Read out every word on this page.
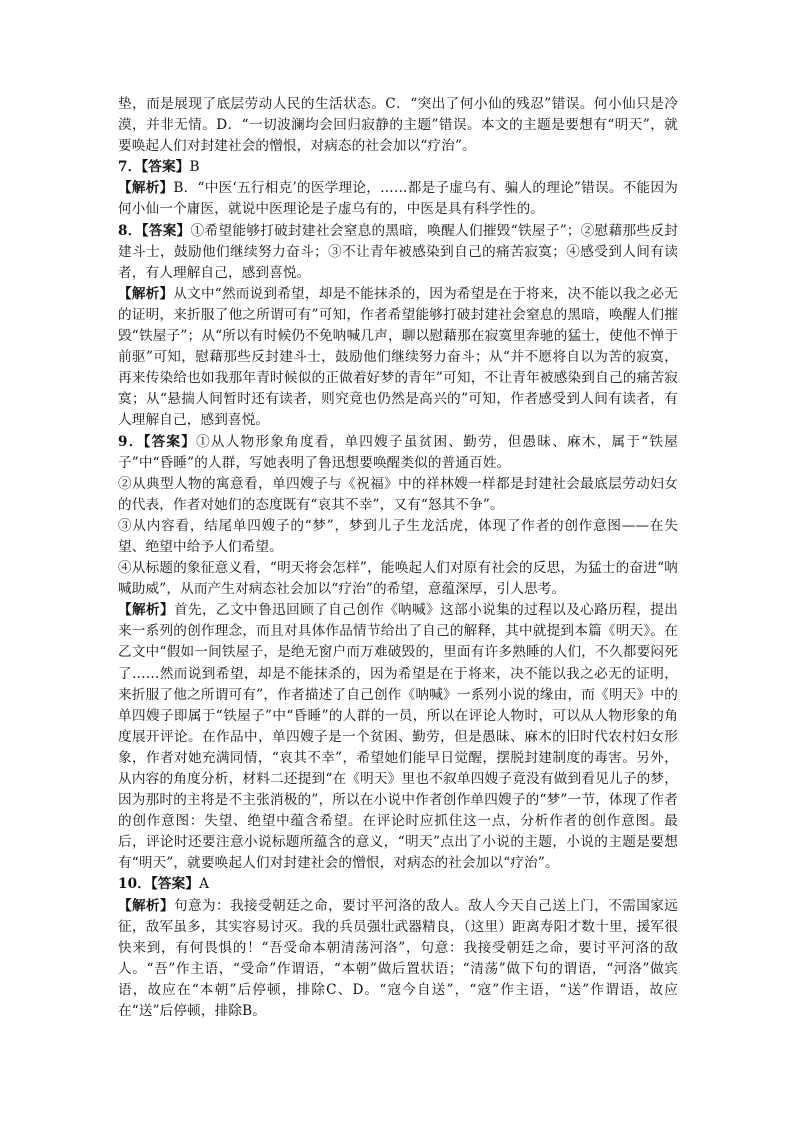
垫，而是展现了底层劳动人民的生活状态。C．“突出了何小仙的残忍”错误。何小仙只是冷漠，并非无情。D．“一切波澜均会回归寂静的主题”错误。本文的主题是要想有“明天”，就要唤起人们对封建社会的憎恨，对病态的社会加以“疗治”。

7．【答案】B

【解析】B．“中医‘五行相克’的医学理论，……都是子虚乌有、骗人的理论”错误。不能因为何小仙一个庸医，就说中医理论是子虚乌有的，中医是具有科学性的。

8．【答案】①希望能够打破封建社会窒息的黑暗，唤醒人们摧毁“铁屋子”；②慰藉那些反封建斗士，鼓励他们继续努力奋斗；③不让青年被感染到自己的痛苦寂寞；④感受到人间有读者，有人理解自己，感到喜悦。

【解析】从文中“然而说到希望，却是不能抹杀的，因为希望是在于将来，决不能以我之必无的证明，来折服了他之所谓可有”可知，作者希望能够打破封建社会窒息的黑暗，唤醒人们摧毁“铁屋子”；从“所以有时候仍不免呐喊几声，聊以慰藉那在寂寞里奔驰的猛士，使他不惮于前驱”可知，慰藉那些反封建斗士，鼓励他们继续努力奋斗；从“并不愿将自以为苦的寂寞，再来传染给也如我那年青时候似的正做着好梦的青年”可知，不让青年被感染到自己的痛苦寂寞；从“悬揣人间暂时还有读者，则究竟也仍然是高兴的”可知，作者感受到人间有读者，有人理解自己，感到喜悦。

9．【答案】①从人物形象角度看，单四嫂子虽贫困、勤劳，但愚昧、麻木，属于“铁屋子”中“昏睡”的人群，写她表明了鲁迅想要唤醒类似的普通百姓。

②从典型人物的寓意看，单四嫂子与《祝福》中的祥林嫂一样都是封建社会最底层劳动妇女的代表，作者对她们的态度既有“哀其不幸”，又有“怒其不争”。

③从内容看，结尾单四嫂子的“梦”，梦到儿子生龙活虎，体现了作者的创作意图——在失望、绝望中给予人们希望。

④从标题的象征意义看，“明天将会怎样”，能唤起人们对原有社会的反思，为猛士的奋进“呐喊助威”，从而产生对病态社会加以“疗治”的希望，意蕴深厚，引人思考。

【解析】首先，乙文中鲁迅回顾了自己创作《呐喊》这部小说集的过程以及心路历程，提出来一系列的创作理念，而且对具体作品情节给出了自己的解释，其中就提到本篇《明天》。在乙文中“假如一间铁屋子，是绝无窗户而万难破毁的，里面有许多熟睡的人们，不久都要闷死了……然而说到希望，却是不能抹杀的，因为希望是在于将来，决不能以我之必无的证明，来折服了他之所谓可有”，作者描述了自己创作《呐喊》一系列小说的缘由，而《明天》中的单四嫂子即属于“铁屋子”中“昏睡”的人群的一员，所以在评论人物时，可以从人物形象的角度展开评论。在作品中，单四嫂子是一个贫困、勤劳，但是愚昧、麻木的旧时代农村妇女形象，作者对她充满同情，“哀其不幸”，希望她们能早日觉醒，摆脱封建制度的毒害。另外，从内容的角度分析，材料二还提到“在《明天》里也不叙单四嫂子竟没有做到看见儿子的梦，因为那时的主将是不主张消极的”，所以在小说中作者创作单四嫂子的“梦”一节，体现了作者的创作意图：失望、绝望中蕴含希望。在评论时应抓住这一点，分析作者的创作意图。最后，评论时还要注意小说标题所蕴含的意义，“明天”点出了小说的主题，小说的主题是要想有“明天”，就要唤起人们对封建社会的憎恨，对病态的社会加以“疗治”。

10．【答案】A

【解析】句意为：我接受朝廷之命，要讨平河洛的敌人。敌人今天自己送上门，不需国家远征，敌军虽多，其实容易讨灭。我的兵员强壮武器精良，（这里）距离寿阳才数十里，援军很快来到，有何畏惧的！“吾受命本朝清荡河洛”，句意：我接受朝廷之命，要讨平河洛的敌人。“吾”作主语，“受命”作谓语，“本朝”做后置状语；“清荡”做下句的谓语，“河洛”做宾语，故应在“本朝”后停顿，排除C、D。“寇今自送”，“寇”作主语，“送”作谓语，故应在“送”后停顿，排除B。
